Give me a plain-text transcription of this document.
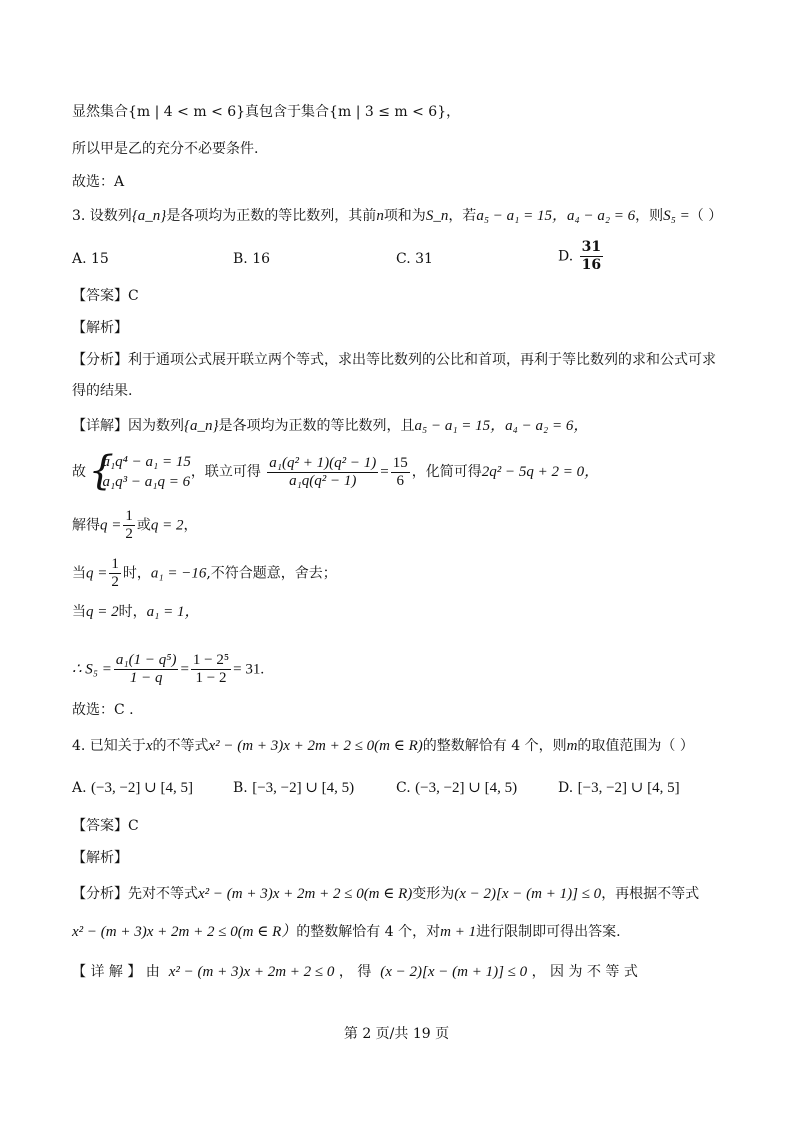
显然集合{m | 4 < m < 6}真包含于集合{m | 3 ≤ m < 6}，
所以甲是乙的充分不必要条件.
故选：A
3. 设数列{a_n}是各项均为正数的等比数列，其前n项和为S_n，若a₅ − a₁ = 15，a₄ − a₂ = 6，则S₅ =（ ）
A. 15	B. 16	C. 31	D. $\frac{31}{16}$
【答案】C
【解析】
【分析】利于通项公式展开联立两个等式，求出等比数列的公比和首项，再利于等比数列的求和公式可求
得的结果.
【详解】因为数列{a_n}是各项均为正数的等比数列，且a₅ − a₁ = 15，a₄ − a₂ = 6，
故
{ a₁q⁴ − a₁ = 15
a₁q³ − a₁q = 6
，联立可得 $\frac{\text{a₁(q² + 1)(q² − 1)}}{\text{a₁q(q² − 1)}} = \frac{15}{6}$ ，化简可得2q² − 5q + 2 = 0，
解得$q = \frac{1}{2}$ 或q = 2，
当$q = \frac{1}{2}$ 时，a₁ = −16,不符合题意，舍去；
当q = 2时，a₁ = 1，
∴ $S_5 = \frac{\text{a₁(1 − q⁵)}}{1 - q} = \frac{\text{1 − 2⁵}}{1 - 2} = 31$.
故选：C .
4. 已知关于x的不等式x² − (m + 3)x + 2m + 2 ≤ 0(m ∈ R)的整数解恰有 4 个，则m的取值范围为（ ）
A. (−3, −2] ∪ [4, 5]	B. [−3, −2] ∪ [4, 5)	C. (−3, −2] ∪ [4, 5)	D. [−3, −2] ∪ [4, 5]
【答案】C
【解析】
【分析】先对不等式x² − (m + 3)x + 2m + 2 ≤ 0(m ∈ R)变形为(x − 2)[x − (m + 1)] ≤ 0，再根据不等式
x² − (m + 3)x + 2m + 2 ≤ 0(m ∈ R）的整数解恰有 4 个，对m + 1进行限制即可得出答案.
【 详 解 】 由 x² − (m + 3)x + 2m + 2 ≤ 0 ， 得 (x − 2)[x − (m + 1)] ≤ 0 ， 因 为 不 等 式
第 2 页/共 19 页
